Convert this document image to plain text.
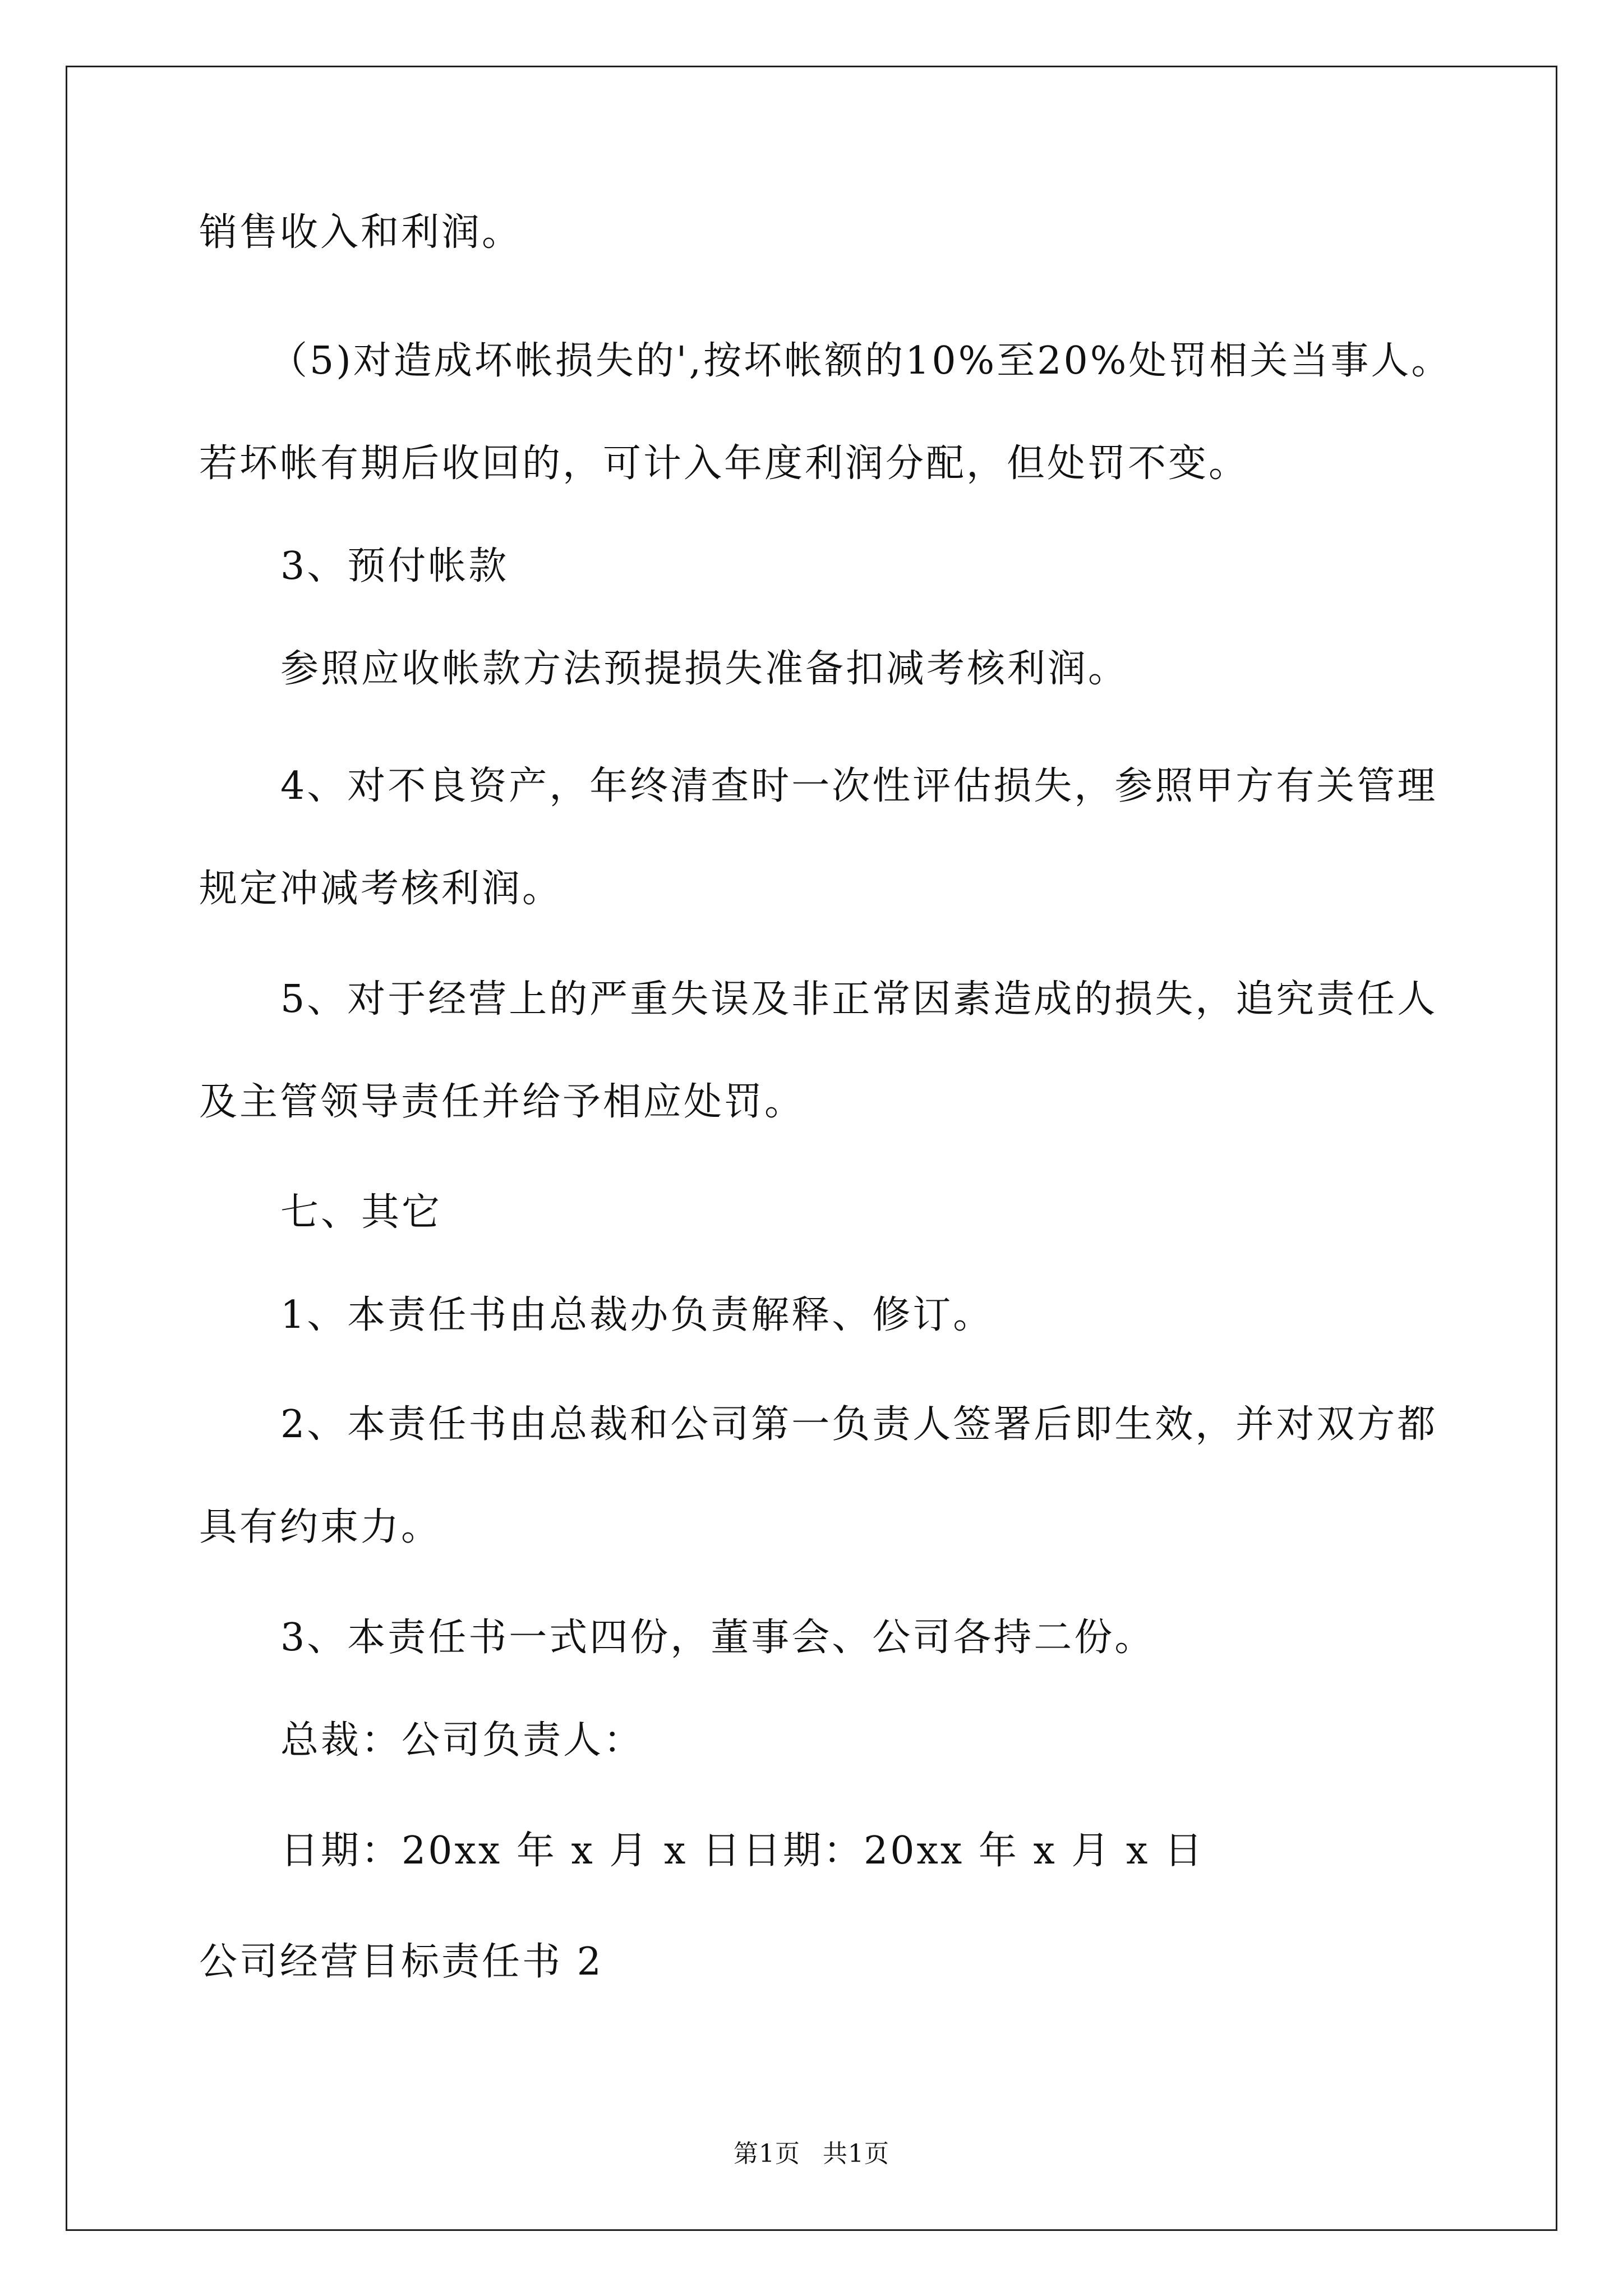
销售收入和利润。
（5)对造成坏帐损失的',按坏帐额的10%至20%处罚相关当事人。
若坏帐有期后收回的，可计入年度利润分配，但处罚不变。
3、预付帐款
参照应收帐款方法预提损失准备扣减考核利润。
4、对不良资产，年终清查时一次性评估损失，参照甲方有关管理
规定冲减考核利润。
5、对于经营上的严重失误及非正常因素造成的损失，追究责任人
及主管领导责任并给予相应处罚。
七、其它
1、本责任书由总裁办负责解释、修订。
2、本责任书由总裁和公司第一负责人签署后即生效，并对双方都
具有约束力。
3、本责任书一式四份，董事会、公司各持二份。
总裁：公司负责人：
日期：20xx 年 x 月 x 日日期：20xx 年 x 月 x 日
公司经营目标责任书 2
第1页 共1页
